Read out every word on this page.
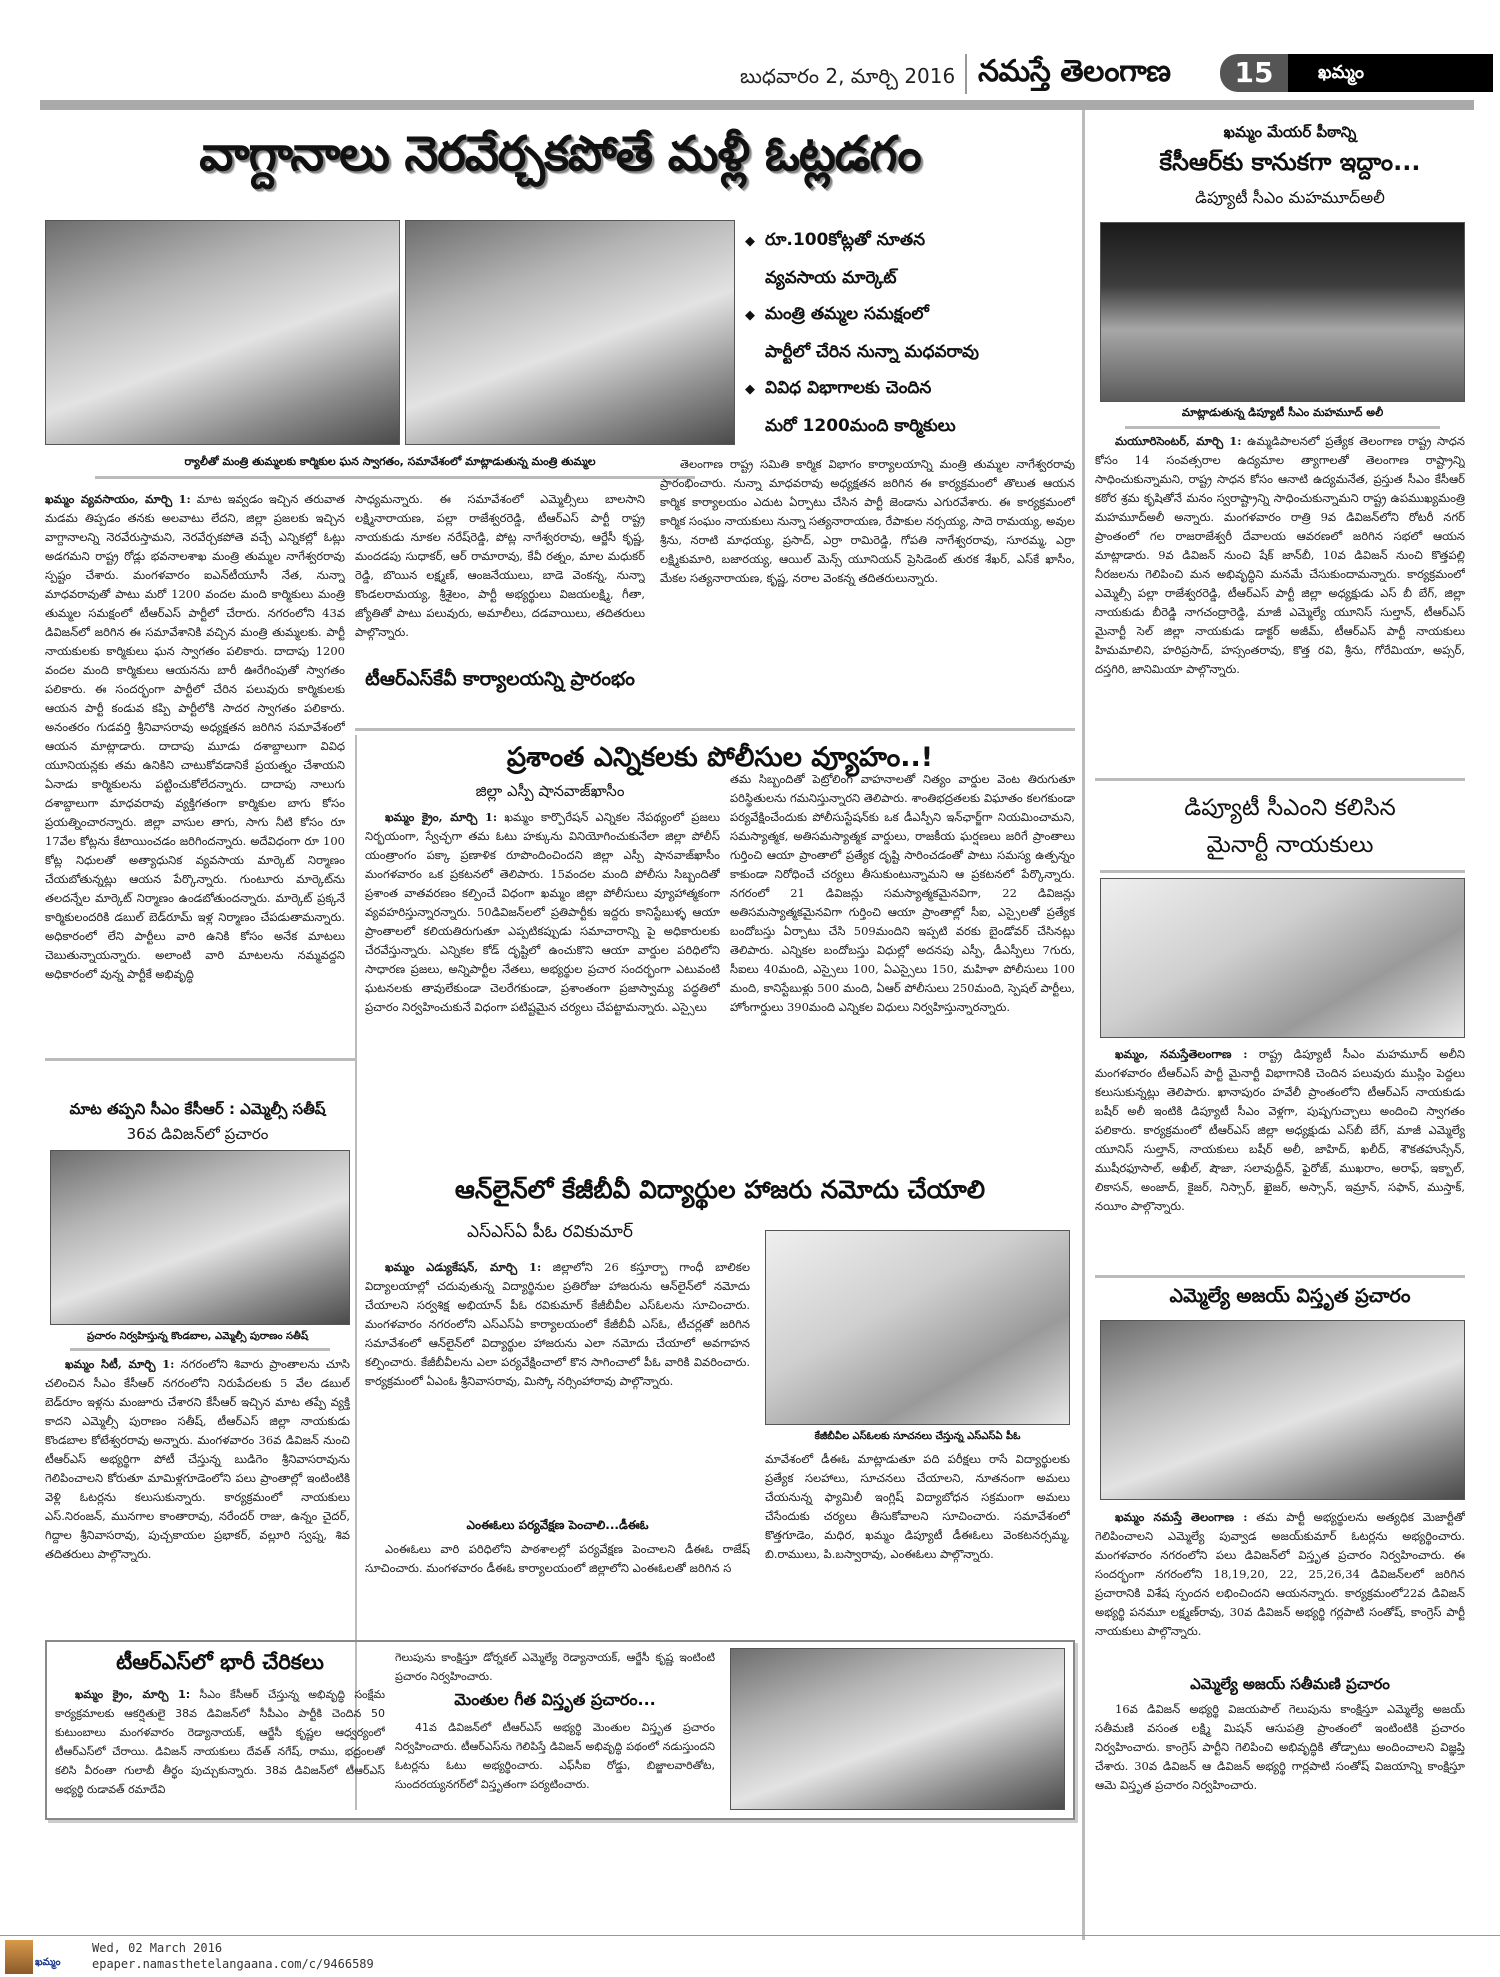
బుధవారం 2, మార్చి 2016 నమస్తే తెలంగాణ	15	ఖమ్మం
వాగ్దానాలు నెరవేర్చకపోతే మళ్లీ ఓట్లడగం
◆ రూ.100కోట్లతో నూతన
వ్యవసాయ మార్కెట్
◆ మంత్రి తమ్మల సమక్షంలో
పార్టీలో చేరిన నున్నా మధవరావు
◆ వివిధ విభాగాలకు చెందిన
మరో 1200మంది కార్మికులు
ర్యాలీతో మంత్రి తుమ్మలకు కార్మికుల ఘన స్వాగతం, సమావేశంలో మాట్లాడుతున్న మంత్రి తుమ్మల
ఖమ్మం వ్యవసాయం, మార్చి 1: మాట ఇవ్వడం ఇచ్చిన తరువాత మడమ తిప్పడం తనకు అలవాటు లేదని, జిల్లా ప్రజలకు ఇచ్చిన వాగ్దానాలన్ని నెరవేరుస్తామని, నెరవేర్చకపోతె వచ్చే ఎన్నికల్లో ఓట్లు అడగమని రాష్ట్ర రోడ్లు భవనాలశాఖ మంత్రి తుమ్మల నాగేశ్వరరావు స్పష్టం చేశారు. మంగళవారం ఐఎన్‌టీయూసీ నేత, నున్నా మాధవరావుతో పాటు మరో 1200 వందల మంది కార్మికులు మంత్రి తుమ్మల సమక్షంలో టీఆర్‌ఎస్ పార్టీలో చేరారు. నగరంలోని 43వ డివిజన్‌లో జరిగిన ఈ సమావేశానికి వచ్చిన మంత్రి తుమ్మలకు. పార్టీ నాయకులకు కార్మికులు ఘన స్వాగతం పలికారు. దాదాపు 1200 వందల మంది కార్మికులు ఆయనను బారీ ఊరేగింపుతో స్వాగతం పలికారు. ఈ సందర్భంగా పార్టీలో చేరిన పలువురు కార్మికులకు ఆయన పార్టీ కండువ కప్పి పార్టీలోకి సాదర స్వాగతం పలికారు. అనంతరం గుడవర్తి శ్రీనివాసరావు అధ్యక్షతన జరిగిన సమావేశంలో ఆయన మాట్లాడారు. దాదాపు మూడు దశాబ్దాలుగా వివిధ యూనియన్లకు తమ ఉనికిని చాటుకోవడానికే ప్రయత్నం చేశాయని ఏనాడు కార్మికులను పట్టించుకోలేదన్నారు. దాదాపు నాలుగు దశాబ్దాలుగా మాధవరావు వ్యక్తిగతంగా కార్మికుల బాగు కోసం ప్రయత్నించారన్నారు. జిల్లా వాసుల తాగు, సాగు నీటి కోసం రూ 17వేల కోట్లను కేటాయించడం జరిగిందన్నారు. అదేవిధంగా రూ 100 కోట్ల నిధులతో అత్యాధునిక వ్యవసాయ మార్కెట్ నిర్మాణం చేయబోతున్నట్లు ఆయన పేర్కొన్నారు. గుంటూరు మార్కెట్‌ను తలదన్నేల మార్కెట్ నిర్మాణం ఉండబోతుందన్నారు. మార్కెట్ ప్రక్కనే కార్మికులందరికి డబుల్ బెడ్‌రూమ్ ఇళ్ల నిర్మాణం చేపడుతామన్నారు. అధికారంలో లేని పార్టీలు వారి ఉనికి కోసం అనేక మాటలు చెబుతున్నాయన్నారు. అలాంటి వారి మాటలను నమ్మవద్దని అధికారంలో వున్న పార్టీకే అభివృద్ధి
సాధ్యమన్నారు. ఈ సమావేశంలో ఎమ్మెల్సీలు బాలసాని లక్ష్మినారాయణ, పల్లా రాజేశ్వరరెడ్డి, టీఆర్‌ఎస్ పార్టీ రాష్ట్ర నాయకుడు నూకల నరేష్‌రెడ్డి, పోట్ల నాగేశ్వరరావు, ఆర్జేసీ కృష్ణ, మందడపు సుధాకర్, ఆర్ రామారావు, కేవీ రత్నం, మాల మధుకర్ రెడ్డి, బొయిన లక్ష్మణ్, ఆంజనేయులు, బాడె వెంకన్న, నున్నా కొండలరామయ్య, శ్రీశైలం, పార్టీ అభ్యర్థులు విజయలక్ష్మి, గీతా, జ్యోతితో పాటు పలువురు, అమాలీలు, దడవాయిలు, తదితరులు పాల్గొన్నారు.
టీఆర్‌ఎస్‌కేవీ కార్యాలయన్ని ప్రారంభం
తెలంగాణ రాష్ట్ర సమితి కార్మిక విభాగం కార్యాలయాన్ని మంత్రి తుమ్మల నాగేశ్వరరావు ప్రారంభించారు. నున్నా మాధవరావు అధ్యక్షతన జరిగిన ఈ కార్యక్రమంలో తొలుత ఆయన కార్మిక కార్యాలయం ఎదుట ఏర్పాటు చేసిన పార్టీ జెండాను ఎగురవేశారు. ఈ కార్యక్రమంలో కార్మిక సంఘం నాయకులు నున్నా సత్యనారాయణ, రేపాకుల నర్సయ్య, సాదె రామయ్య, అవుల శ్రీను, నరాటి మాధయ్య, ప్రసాద్, ఎర్రా రామిరెడ్డి, గోపతి నాగేశ్వరరావు, సూరమ్మ, ఎర్రా లక్ష్మికుమారి, బజారయ్య, ఆయిల్ మెన్స్ యూనియన్ ప్రెసిడెంట్ తురక శేఖర్, ఎస్‌కే ఖాసీం, మేకల సత్యనారాయణ, కృష్ణ, నరాల వెంకన్న తదితరులున్నారు.
ఖమ్మం మేయర్ పీఠాన్ని
కేసీఆర్‌కు కానుకగా ఇద్దాం...
డిప్యూటీ సీఎం మహమూద్‌అలీ
మాట్లాడుతున్న డిప్యూటీ సీఎం మహమూద్ అలీ
మయూరిసెంటర్, మార్చి 1: ఉమ్మడిపాలనలో ప్రత్యేక తెలంగాణ రాష్ట్ర సాధన కోసం 14 సంవత్సరాల ఉద్యమాల త్యాగాలతో తెలంగాణ రాష్ట్రాన్ని సాధించుకున్నామని, రాష్ట్ర సాధన కోసం ఆనాటి ఉద్యమనేత, ప్రస్తుత సీఎం కేసీఆర్ కఠోర శ్రమ కృషితోనే మనం స్వరాష్ట్రాన్ని సాధించుకున్నామని రాష్ట్ర ఉపముఖ్యమంత్రి మహమూద్‌అలీ అన్నారు. మంగళవారం రాత్రి 9వ డివిజన్‌లోని రోటరీ నగర్ ప్రాంతంలో గల రాజరాజేశ్వరీ దేవాలయ ఆవరణలో జరిగిన సభలో ఆయన మాట్లాడారు. 9వ డివిజన్ నుంచి షేక్ జాన్‌బీ, 10వ డివిజన్ నుంచి కొత్తపల్లి నీరజలను గెలిపించి మన అభివృద్ధిని మనమే చేసుకుందామన్నారు. కార్యక్రమంలో ఎమ్మెల్సీ పల్లా రాజేశ్వరరెడ్డి, టీఆర్‌ఎస్ పార్టీ జిల్లా అధ్యక్షుడు ఎస్ బీ బేగ్, జిల్లా నాయకుడు బీరెడ్డి నాగచంద్రారెడ్డి, మాజీ ఎమ్మెల్యే యూనిస్ సుల్తాన్, టీఆర్‌ఎస్ మైనార్టీ సెల్ జిల్లా నాయకుడు డాక్టర్ అజీమ్, టీఆర్‌ఎస్ పార్టీ నాయకులు హిమమాలిని, హరిప్రసాద్, హస్సంతరావు, కొత్త రవి, శ్రీను, గోరేమియా, అప్సర్, దస్తగిరి, జానిమియా పాల్గొన్నారు.
డిప్యూటీ సీఎంని కలిసిన
మైనార్టీ నాయకులు
ఖమ్మం, నమస్తేతెలంగాణ : రాష్ట్ర డిప్యూటీ సీఎం మహమూద్ అలీని మంగళవారం టీఆర్‌ఎస్ పార్టీ మైనార్టీ విభాగానికి చెందిన పలువురు ముస్లిం పెద్దలు కలుసుకున్నట్లు తెలిపారు. ఖానాపురం హవేలీ ప్రాంతంలోని టీఆర్‌ఎస్ నాయకుడు బషీర్ అలీ ఇంటికి డిప్యూటీ సీఎం వెళ్లగా, పుష్పగుచ్ఛాలు అందించి స్వాగతం పలికారు. కార్యక్రమంలో టీఆర్‌ఎస్ జిల్లా అధ్యక్షుడు ఎస్‌బీ బేగ్, మాజీ ఎమ్మెల్యే యూనిస్ సుల్తాన్, నాయకులు బషీర్ అలీ, జాహిద్, ఖలీద్, శౌకతహుస్సేన్, ముషీరఫూసాల్, అఖీల్, షౌజా, సలావుద్దీన్, ఫైరోజ్, ముఖరాం, అరాఫ్, ఇక్బాల్, లికాసన్, అంజాద్, కైజర్, నిస్సార్, ఖైజర్, అస్సాన్, ఇమ్రాన్, సఫాన్, ముస్తాక్, నయీం పాల్గొన్నారు.
ఎమ్మెల్యే అజయ్ విస్తృత ప్రచారం
ఖమ్మం నమస్తే తెలంగాణ : తమ పార్టీ అభ్యర్థులను అత్యధిక మెజార్టీతో గెలిపించాలని ఎమ్మెల్యే పువ్వాడ అజయ్‌కుమార్ ఓటర్లను అభ్యర్థించారు. మంగళవారం నగరంలోని పలు డివిజన్‌లో విస్తృత ప్రచారం నిర్వహించారు. ఈ సందర్భంగా నగరంలోని 18,19,20, 22, 25,26,34 డివిజన్‌లలో జరిగిన ప్రచారానికి విశేష స్పందన లభించిందని ఆయనన్నారు. కార్యక్రమంలో22వ డివిజన్ అభ్యర్థి పనమూ లక్ష్మణ్‌రావు, 30వ డివిజన్ అభ్యర్థి గర్లపాటి సంతోష్, కాంగ్రెస్ పార్టీ నాయకులు పాల్గొన్నారు.
ఎమ్మెల్యే అజయ్ సతీమణి ప్రచారం
16వ డివిజన్ అభ్యర్థి విజయపాల్ గెలుపును కాంక్షిస్తూ ఎమ్మెల్యే అజయ్ సతీమణి వసంత లక్ష్మి మిషన్ ఆసుపత్రి ప్రాంతంలో ఇంటింటికి ప్రచారం నిర్వహించారు. కాంగ్రెస్ పార్టీని గెలిపించి అభివృద్ధికి తోడ్పాటు అందించాలని విజ్ఞప్తి చేశారు. 30వ డివిజన్ ఆ డివిజన్ అభ్యర్థి గార్లపాటి సంతోష్ విజయాన్ని కాంక్షిస్తూ ఆమె విస్తృత ప్రచారం నిర్వహించారు.
ప్రశాంత ఎన్నికలకు పోలీసుల వ్యూహం..!
జిల్లా ఎస్పీ షానవాజ్‌ఖాసీం
ఖమ్మం క్రైం, మార్చి 1: ఖమ్మం కార్పొరేషన్ ఎన్నికల నేపథ్యంలో ప్రజలు నిర్భయంగా, స్వేచ్ఛగా తమ ఓటు హక్కును వినియోగించుకునేలా జిల్లా పోలీస్ యంత్రాంగం పక్కా ప్రణాళిక రూపొందించిందని జిల్లా ఎస్పీ షానవాజ్‌ఖాసీం మంగళవారం ఒక ప్రకటనలో తెలిపారు. 15వందల మంది పోలీసు సిబ్బందితో ప్రశాంత వాతవరణం కల్పించే విధంగా ఖమ్మం జిల్లా పోలీసులు వ్యూహాత్మకంగా వ్యవహరిస్తున్నారన్నారు. 50డివిజన్‌లలో ప్రతిపార్టీకు ఇద్దరు కానిస్టేబుళ్ళ ఆయా ప్రాంతాలలో కలియతిరుగుతూ ఎప్పటికప్పుడు సమాచారాన్ని పై అధికారులకు చేరవేస్తున్నారు. ఎన్నికల కోడ్ దృష్టిలో ఉంచుకొని ఆయా వార్డుల పరిధిలోని సాధారణ ప్రజలు, అన్నిపార్టీల నేతలు, అభ్యర్థుల ప్రచార సందర్భంగా ఎటువంటి ఘటనలకు తావులేకుండా చెలరేగకుండా, ప్రశాంతంగా ప్రజాస్వామ్య పద్ధతిలో ప్రచారం నిర్వహించుకునే విధంగా పటిష్టమైన చర్యలు చేపట్టామన్నారు. ఎస్సైలు
తమ సిబ్బందితో పెట్రోలింగ్ వాహనాలతో నిత్యం వార్డుల వెంట తిరుగుతూ పరిస్థితులను గమనిస్తున్నారని తెలిపారు. శాంతిభద్రతలకు విఘాతం కలగకుండా పర్యవేక్షించేందుకు పోలీసుస్టేషన్‌కు ఒక డీఎస్పీని ఇన్‌ఛార్జ్‌గా నియమించామని, సమస్యాత్మక, అతిసమస్యాత్మక వార్డులు, రాజకీయ ఘర్షణలు జరిగే ప్రాంతాలు గుర్తించి ఆయా ప్రాంతాలో ప్రత్యేక దృష్టి సారించడంతో పాటు సమస్య ఉత్పన్నం కాకుండా నిరోధించే చర్యలు తీసుకుంటున్నామని ఆ ప్రకటనలో పేర్కొన్నారు. నగరంలో 21 డివిజన్లు సమస్యాత్మకమైనవిగా, 22 డివిజన్లు అతిసమస్యాత్మకమైనవిగా గుర్తించి ఆయా ప్రాంతాల్లో సీఐ, ఎస్సైలతో ప్రత్యేక బందోబస్తు ఏర్పాటు చేసి 509మందిని ఇప్పటి వరకు బైండోవర్ చేసినట్లు తెలిపారు. ఎన్నికల బందోబస్తు విధుల్లో అదనపు ఎస్పీ, డీఎస్పీలు 7గురు, సీఐలు 40మంది, ఎస్సైలు 100, ఏఎస్సైలు 150, మహిళా పోలీసులు 100 మంది, కానిస్టేబుళ్లు 500 మంది, ఏఆర్ పోలీసులు 250మంది, స్పెషల్ పార్టీలు, హోంగార్డులు 390మంది ఎన్నికల విధులు నిర్వహిస్తున్నారన్నారు.
మాట తప్పని సీఎం కేసీఆర్ : ఎమ్మెల్సీ సతీష్
36వ డివిజన్‌లో ప్రచారం
ప్రచారం నిర్వహిస్తున్న కొండబాల, ఎమ్మెల్సీ పురాణం సతీష్
ఖమ్మం సిటీ, మార్చి 1: నగరంలోని శివారు ప్రాంతాలను చూసి చలించిన సీఎం కేసీఆర్ నగరంలోని నిరుపేదలకు 5 వేల డబుల్ బెడ్‌రూం ఇళ్లను మంజూరు చేశారని కేసీఆర్ ఇచ్చిన మాట తప్పే వ్యక్తి కాదని ఎమ్మెల్సీ పురాణం సతీష్, టీఆర్‌ఎస్ జిల్లా నాయకుడు కొండబాల కోటేశ్వరరావు అన్నారు. మంగళవారం 36వ డివిజన్ నుంచి టీఆర్‌ఎస్ అభ్యర్థిగా పోటీ చేస్తున్న బుడిగెం శ్రీనివాసరావును గెలిపించాలని కోరుతూ మామిళ్లగూడెంలోని పలు ప్రాంతాల్లో ఇంటింటికి వెళ్లి ఓటర్లను కలుసుకున్నారు. కార్యక్రమంలో నాయకులు ఎస్.నిరంజన్, మునగాల కాంతారావు, నరేందర్ రాజు, ఉన్నం చైదర్, గిద్దాల శ్రీనివాసరావు, పుచ్చకాయల ప్రభాకర్, వల్లూరి స్వప్న, శివ తదితరులు పాల్గొన్నారు.
ఆన్‌లైన్‌లో కేజీబీవీ విద్యార్థుల హాజరు నమోదు చేయాలి
ఎస్‌ఎస్‌ఏ పీఓ రవికుమార్
కేజీబీవీల ఎస్‌ఓలకు సూచనలు చేస్తున్న ఎస్‌ఎస్‌ఏ పీఓ
ఖమ్మం ఎడ్యుకేషన్, మార్చి 1: జిల్లాలోని 26 కస్తూర్బా గాంధీ బాలికల విద్యాలయాల్లో చదువుతున్న విద్యార్థినుల ప్రతిరోజు హాజరును ఆన్‌లైన్‌లో నమోదు చేయాలని సర్వశిక్ష అభియాన్ పీఓ రవికుమార్ కేజీబీవీల ఎస్‌ఓలను సూచించారు. మంగళవారం నగరంలోని ఎస్‌ఎస్‌ఏ కార్యాలయంలో కేజీబీవీ ఎస్‌ఓ, టీచర్లతో జరిగిన సమావేశంలో ఆన్‌లైన్‌లో విద్యార్థుల హాజరును ఎలా నమోదు చేయాలో అవగాహన కల్పించారు. కేజీబీవీలను ఎలా పర్యవేక్షించాలో కొన సాగించాలో పీఓ వారికి వివరించారు. కార్యక్రమంలో ఏఎంఓ శ్రీనివాసరావు, మిస్కో నర్సింహారావు పాల్గొన్నారు.
ఎంఈఓలు పర్యవేక్షణ పెంచాలి...డీఈఓ
ఎంఈఓలు వారి పరిధిలోని పాఠశాలల్లో పర్యవేక్షణ పెంచాలని డీఈఓ రాజేష్ సూచించారు. మంగళవారం డీఈఓ కార్యాలయంలో జిల్లాలోని ఎంఈఓలతో జరిగిన స
మావేశంలో డీఈఓ మాట్లాడుతూ పది పరీక్షలు రాసే విద్యార్థులకు ప్రత్యేక సలహాలు, సూచనలు చేయాలని, నూతనంగా అమలు చేయనున్న ఫ్యామిలీ ఇంగ్లిష్ విద్యాబోధన సక్రమంగా అమలు చేసేందుకు చర్యలు తీసుకోవాలని సూచించారు. సమావేశంలో కొత్తగూడెం, మధిర, ఖమ్మం డిప్యూటీ డీఈఓలు వెంకటనర్సమ్మ, బి.రాములు, పి.బస్వారావు, ఎంఈఓలు పాల్గొన్నారు.
టీఆర్‌ఎస్‌లో భారీ చేరికలు
ఖమ్మం క్రైం, మార్చి 1: సీఎం కేసీఆర్ చేస్తున్న అభివృద్ధి సంక్షేమ కార్యక్రమాలకు ఆకర్షితులై 38వ డివిజన్‌లో సీపీఎం పార్టీకి చెందిన 50 కుటుంబాలు మంగళవారం రెడ్యానాయక్, ఆర్జేసీ కృష్ణల ఆధ్వర్యంలో టీఆర్‌ఎస్‌లో చేరాయి. డివిజన్ నాయకులు దేవత్ నగేష్, రాము, భద్రంలతో కలిసి వీరంతా గులాబీ తీర్థం పుచ్చుకున్నారు. 38వ డివిజన్‌లో టీఆర్‌ఎస్ అభ్యర్థి రుడావత్ రమాదేవి
గెలుపును కాంక్షిస్తూ డోర్నకల్ ఎమ్మెల్యే రెడ్యానాయక్, ఆర్జేసీ కృష్ణ ఇంటింటి ప్రచారం నిర్వహించారు.
మెంతుల గీత విస్తృత ప్రచారం...
41వ డివిజన్‌లో టీఆర్‌ఎస్ అభ్యర్థి మెంతుల విస్తృత ప్రచారం నిర్వహించారు. టీఆర్‌ఎస్‌ను గెలిపిస్తే డివిజన్ అభివృద్ధి పథంలో నడుస్తుందని ఓటర్లను ఓటు అభ్యర్థించారు. ఎఫ్‌సీఐ రోడ్డు, బిజ్జాలవారితోట, సుందరయ్యనగర్‌లో విస్తృతంగా పర్యటించారు.
ఖమ్మం
Wed, 02 March 2016
epaper.namasthetelangaana.com/c/9466589
